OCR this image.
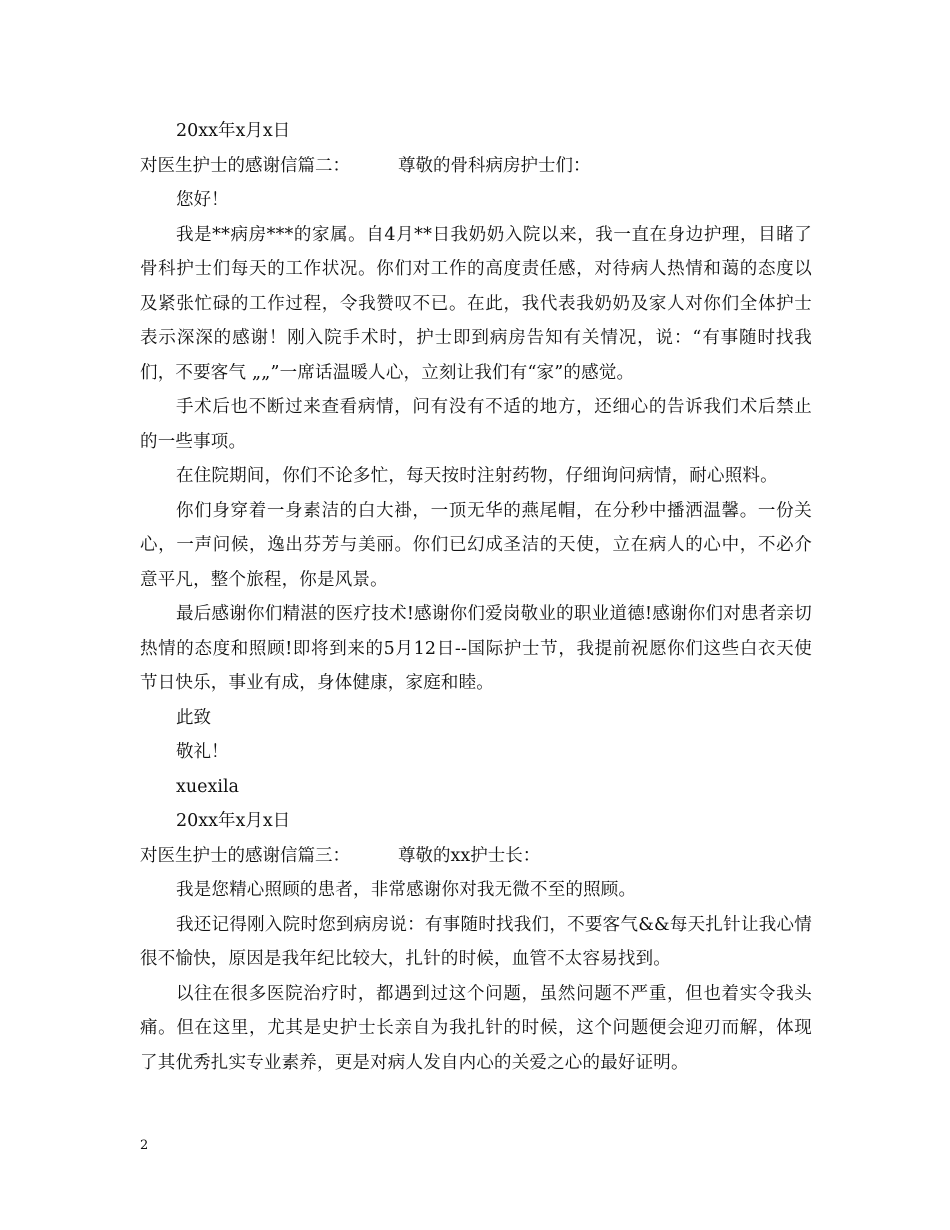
20xx年x月x日
对医生护士的感谢信篇二：	尊敬的骨科病房护士们：
您好！

我是**病房***的家属。自4月**日我奶奶入院以来，我一直在身边护理，目睹了骨科护士们每天的工作状况。你们对工作的高度责任感，对待病人热情和蔼的态度以及紧张忙碌的工作过程，令我赞叹不已。在此，我代表我奶奶及家人对你们全体护士表示深深的感谢！刚入院手术时，护士即到病房告知有关情况，说：“有事随时找我们，不要客气 „„”一席话温暖人心，立刻让我们有“家”的感觉。

手术后也不断过来查看病情，问有没有不适的地方，还细心的告诉我们术后禁止的一些事项。

在住院期间，你们不论多忙，每天按时注射药物，仔细询问病情，耐心照料。

你们身穿着一身素洁的白大褂，一顶无华的燕尾帽，在分秒中播洒温馨。一份关心，一声问候，逸出芬芳与美丽。你们已幻成圣洁的天使，立在病人的心中，不必介意平凡，整个旅程，你是风景。

最后感谢你们精湛的医疗技术!感谢你们爱岗敬业的职业道德!感谢你们对患者亲切热情的态度和照顾!即将到来的5月12日--国际护士节，我提前祝愿你们这些白衣天使节日快乐，事业有成，身体健康，家庭和睦。

此致
敬礼！
xuexila
20xx年x月x日
对医生护士的感谢信篇三：	尊敬的xx护士长：

我是您精心照顾的患者，非常感谢你对我无微不至的照顾。

我还记得刚入院时您到病房说：有事随时找我们，不要客气&&每天扎针让我心情很不愉快，原因是我年纪比较大，扎针的时候，血管不太容易找到。

以往在很多医院治疗时，都遇到过这个问题，虽然问题不严重，但也着实令我头痛。但在这里，尤其是史护士长亲自为我扎针的时候，这个问题便会迎刃而解，体现了其优秀扎实专业素养，更是对病人发自内心的关爱之心的最好证明。

2
